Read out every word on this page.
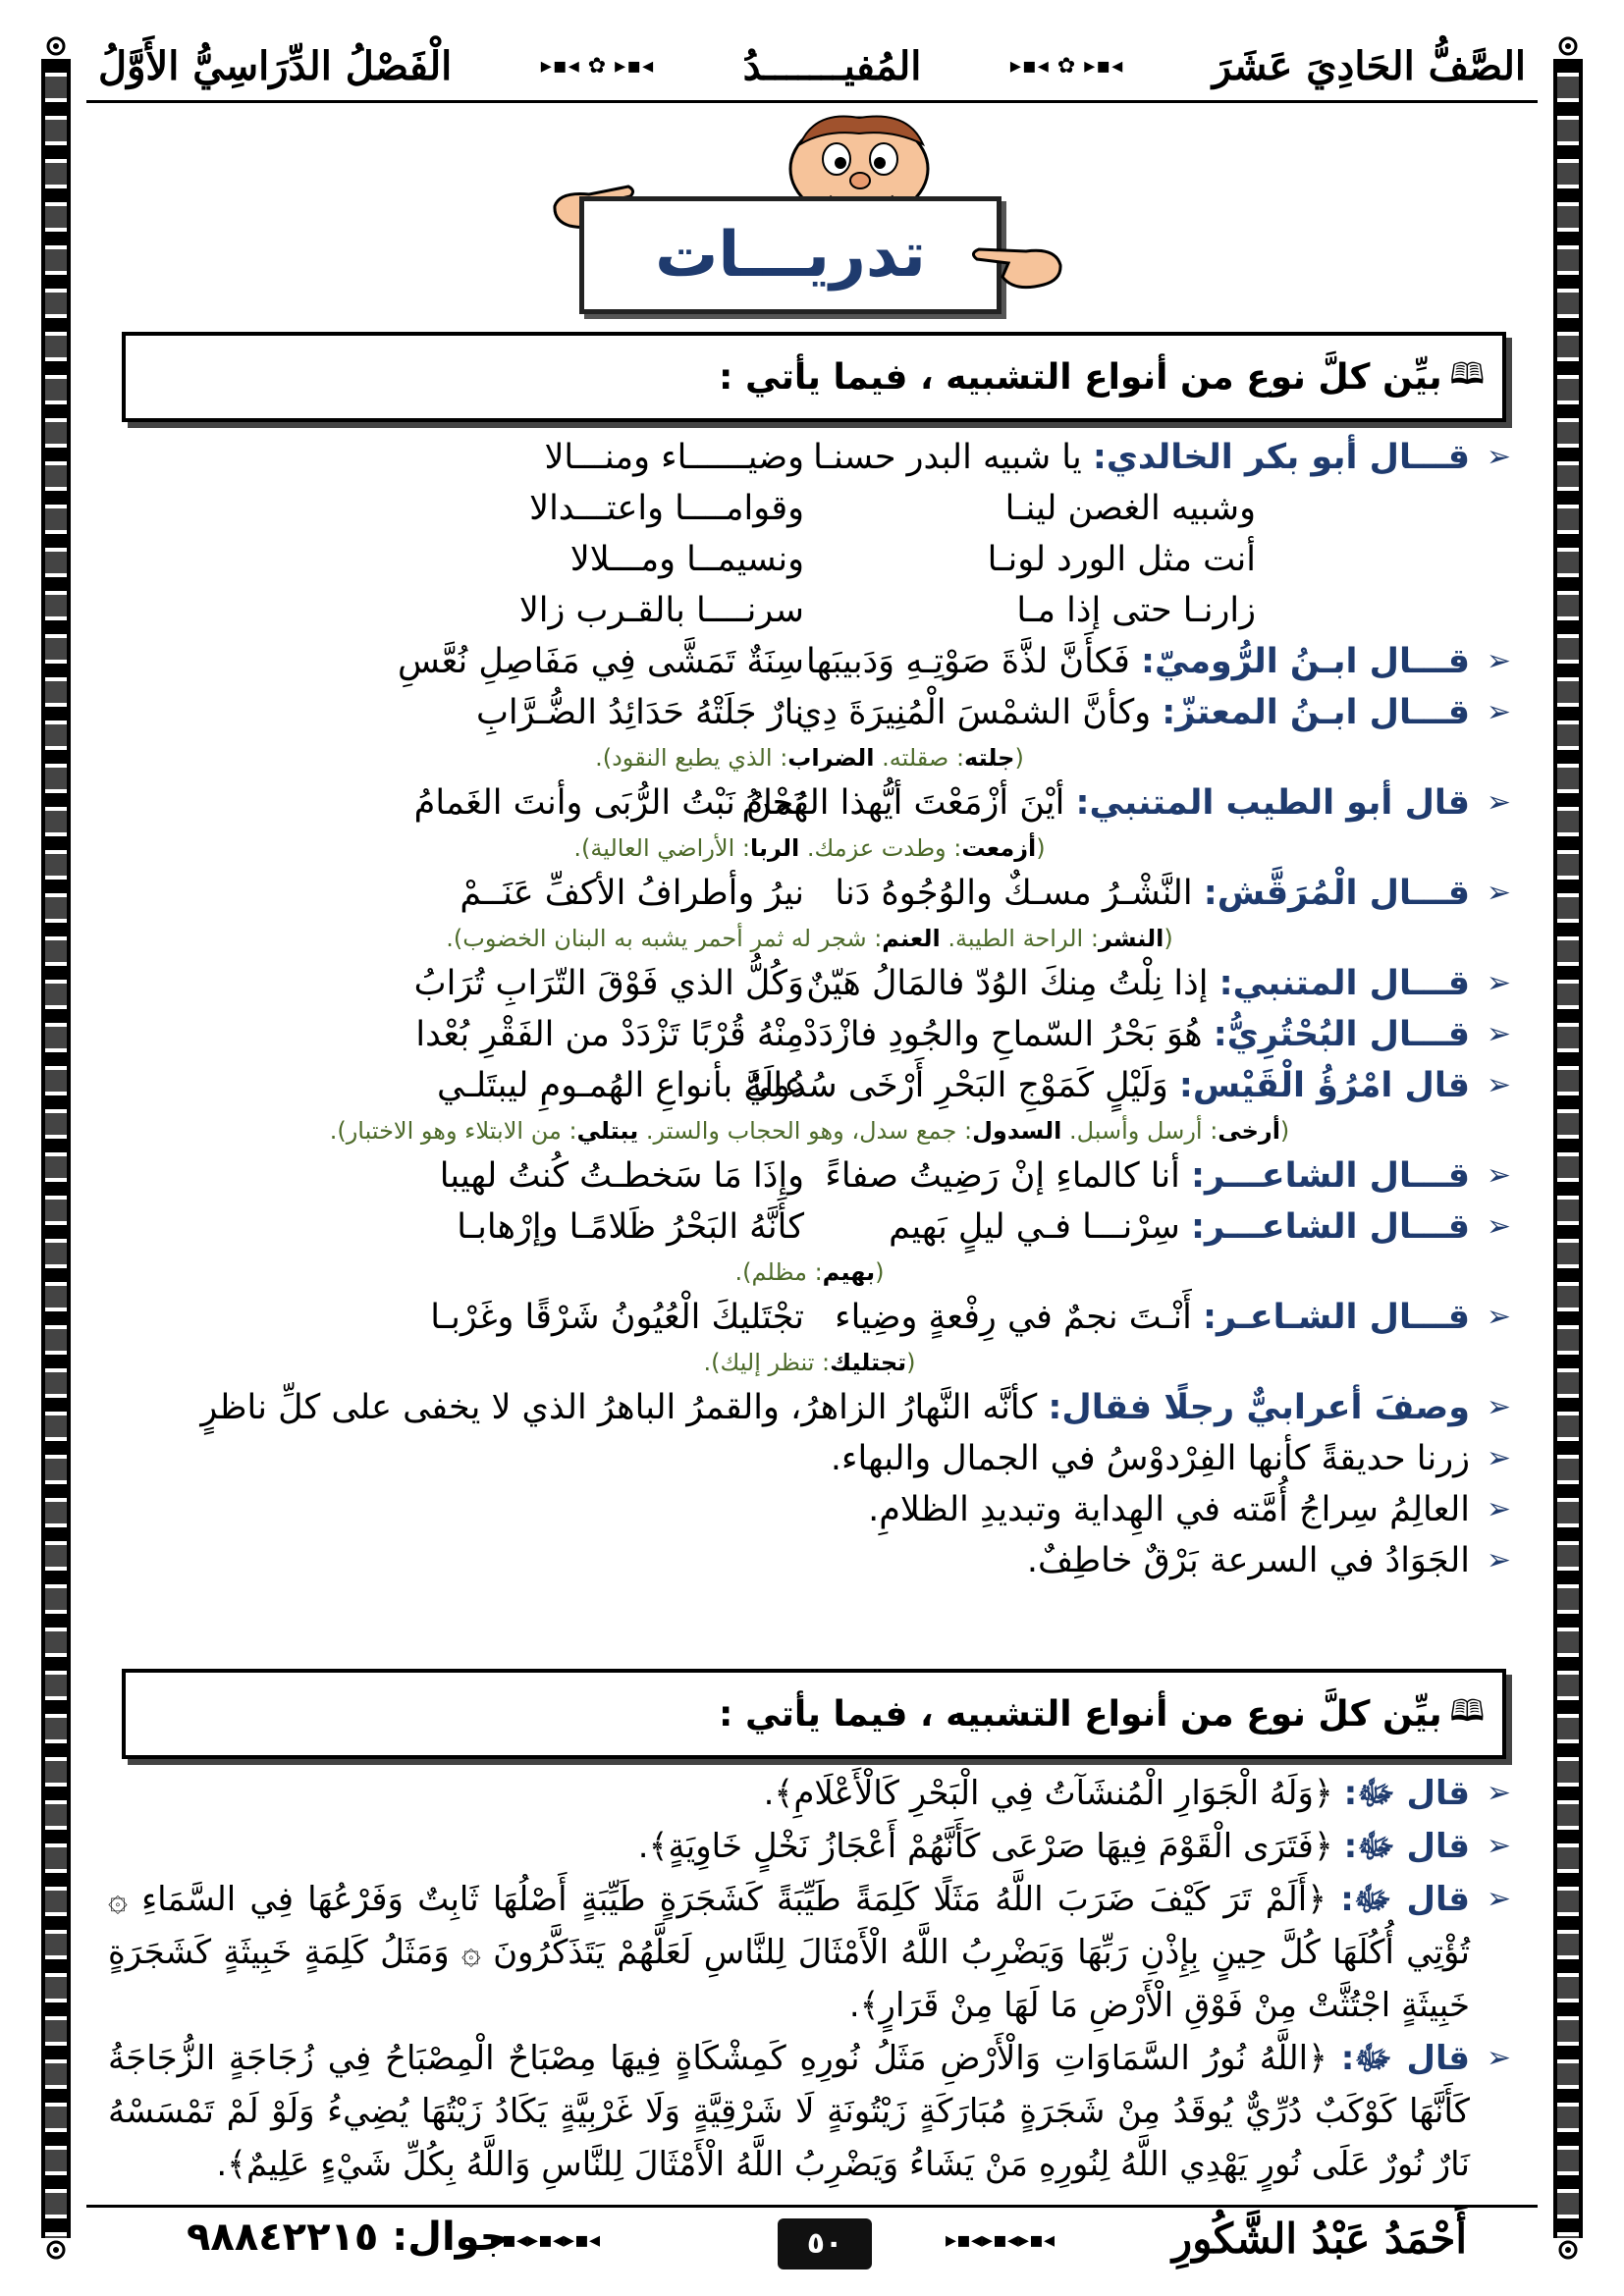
الصَّفُّ الحَادِيَ عَشَرَ
◂▪▸ ✿ ◂▪▸
المُفيـــــــدُ
◂▪▸ ✿ ◂▪▸
الْفَصْلُ الدِّرَاسِيُّ الأَوَّلُ
تدريـــات
🕮
بيِّن كلَّ نوع من أنواع التشبيه ، فيما يأتي :
➢
قـــال أبو بكر الخالدي: يا شبيه البدر حسنـا
وضيــــــاء ومنـــالا
وشبيه الغصن لينـا
وقوامــــا واعتـــدالا
أنت مثل الورد لونـا
ونسيمــا ومـــلالا
زارنـا حتى إذا مـا
سرنــــا بالقـرب زالا
➢
قـــال ابـنُ الرُّوميّ: فَكأَنَّ لذَّةَ صَوْتِـهِ وَدَبيبَها
سِنَةٌ تَمَشَّى فِي مَفَاصِلِ نُعَّسِ
➢
قـــال ابـنُ المعتزّ: وكأنَّ الشمْسَ الْمُنِيرَةَ دِي
نارٌ جَلَتْهُ حَدَائِدُ الضُّـرَّابِ
(جلته: صقلته. الضراب: الذي يطبع النقود).
➢
قال أبو الطيب المتنبي: أيْنَ أزْمَعْتَ أيُّهذا الهُمامُ
نَحْنُ نَبْتُ الرُّبَى وأنتَ الغَمامُ
(أزمعت: وطدت عزمك. الربا: الأراضي العالية).
➢
قـــال الْمُرَقَّش: النَّشْـرُ مسـكٌ والوُجُوهُ دَنا
نيرُ وأطرافُ الأكفِّ عَنَــمْ
(النشر: الراحة الطيبة. العنم: شجر له ثمر أحمر يشبه به البنان الخضوب).
➢
قـــال المتنبي: إذا نِلْتُ مِنكَ الوُدّ فالمَالُ هَيّنٌ
وَكُلُّ الذي فَوْقَ التّرَابِ تُرَابُ
➢
قـــال البُحْتُرِيُّ: هُوَ بَحْرُ السّماحِ والجُودِ فازْدَدْ
مِنْهُ قُرْبًا تَزْدَدْ من الفَقْرِ بُعْدا
➢
قال امْرُؤُ الْقَيْس: وَلَيْلٍ كَمَوْجِ البَحْرِ أَرْخَى سُدُولَهُ
عليَّ بأنواعِ الهُمـومِ ليبتَلـي
(أرخى: أرسل وأسبل. السدول: جمع سدل، وهو الحجاب والستر. يبتلي: من الابتلاء وهو الاختبار).
➢
قـــال الشاعـــر: أنا كالماءِ إنْ رَضِيتُ صفاءً
وإذَا مَا سَخطـتُ كُنتُ لهيبا
➢
قـــال الشاعـــر: سِرْنـــا فـي ليلٍ بَهيم
كأَنَّهُ البَحْرُ ظَلامًـا وإرْهابـا
(بهيم: مظلم).
➢
قـــال الشـاعـر: أَنْـتَ نجمٌ في رِفْعةٍ وضِياء
تجْتَليكَ الْعُيُونُ شَرْقًا وغَرْبـا
(تجتليك: تنظر إليك).
➢
وصفَ أعرابيٌّ رجلًا فقال: كأنَّه النَّهارُ الزاهرُ، والقمرُ الباهرُ الذي لا يخفى على كلِّ ناظرٍ
➢
زرنا حديقةً كأنها الفِرْدوْسُ في الجمال والبهاء.
➢
العالِمُ سِراجُ أُمَّته في الهِداية وتبديدِ الظلامِ.
➢
الجَوَادُ في السرعة بَرْقٌ خاطِفٌ.
🕮
بيِّن كلَّ نوع من أنواع التشبيه ، فيما يأتي :
➢
قال ﷻ: ﴿وَلَهُ الْجَوَارِ الْمُنشَآتُ فِي الْبَحْرِ كَالْأَعْلَامِ﴾.
➢
قال ﷻ: ﴿فَتَرَى الْقَوْمَ فِيهَا صَرْعَى كَأَنَّهُمْ أَعْجَازُ نَخْلٍ خَاوِيَةٍ﴾.
➢
قال ﷻ: ﴿أَلَمْ تَرَ كَيْفَ ضَرَبَ اللَّهُ مَثَلًا كَلِمَةً طَيِّبَةً كَشَجَرَةٍ طَيِّبَةٍ أَصْلُهَا ثَابِتٌ وَفَرْعُهَا فِي السَّمَاءِ ۞ تُؤْتِي أُكُلَهَا كُلَّ حِينٍ بِإِذْنِ رَبِّهَا وَيَضْرِبُ اللَّهُ الْأَمْثَالَ لِلنَّاسِ لَعَلَّهُمْ يَتَذَكَّرُونَ ۞ وَمَثَلُ كَلِمَةٍ خَبِيثَةٍ كَشَجَرَةٍ خَبِيثَةٍ اجْتُثَّتْ مِنْ فَوْقِ الْأَرْضِ مَا لَهَا مِنْ قَرَارٍ﴾.
➢
قال ﷻ: ﴿اللَّهُ نُورُ السَّمَاوَاتِ وَالْأَرْضِ مَثَلُ نُورِهِ كَمِشْكَاةٍ فِيهَا مِصْبَاحٌ الْمِصْبَاحُ فِي زُجَاجَةٍ الزُّجَاجَةُ كَأَنَّهَا كَوْكَبٌ دُرِّيٌّ يُوقَدُ مِنْ شَجَرَةٍ مُبَارَكَةٍ زَيْتُونَةٍ لَا شَرْقِيَّةٍ وَلَا غَرْبِيَّةٍ يَكَادُ زَيْتُهَا يُضِيءُ وَلَوْ لَمْ تَمْسَسْهُ نَارٌ نُورٌ عَلَى نُورٍ يَهْدِي اللَّهُ لِنُورِهِ مَنْ يَشَاءُ وَيَضْرِبُ اللَّهُ الْأَمْثَالَ لِلنَّاسِ وَاللَّهُ بِكُلِّ شَيْءٍ عَلِيمٌ﴾.
أَحْمَدُ عَبْدُ الشَّكُورِ
◂▪▸◂▪▸◂▪▸
٥٠
◂▪▸◂▪▸◂▪▸
جوال: ٩٨٨٤٢٢١٥
